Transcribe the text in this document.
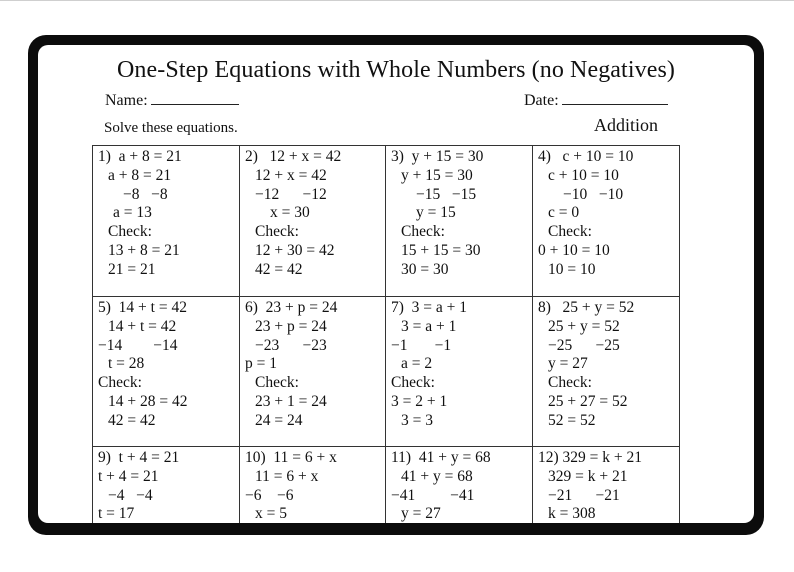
One-Step Equations with Whole Numbers (no Negatives)
Name:	Date:
Solve these equations.	Addition
1)  a + 8 = 21
a + 8 = 21
−8   −8
a = 13
Check:
13 + 8 = 21
21 = 21
2)   12 + x = 42
12 + x = 42
−12      −12
x = 30
Check:
12 + 30 = 42
42 = 42
3)  y + 15 = 30
y + 15 = 30
−15   −15
y = 15
Check:
15 + 15 = 30
30 = 30
4)   c + 10 = 10
c + 10 = 10
−10   −10
c = 0
Check:
0 + 10 = 10
10 = 10
5)  14 + t = 42
14 + t = 42
−14        −14
t = 28
Check:
14 + 28 = 42
42 = 42
6)  23 + p = 24
23 + p = 24
−23      −23
p = 1
Check:
23 + 1 = 24
24 = 24
7)  3 = a + 1
3 = a + 1
−1       −1
a = 2
Check:
3 = 2 + 1
3 = 3
8)   25 + y = 52
25 + y = 52
−25      −25
y = 27
Check:
25 + 27 = 52
52 = 52
9)  t + 4 = 21
t + 4 = 21
−4   −4
t = 17
10)  11 = 6 + x
11 = 6 + x
−6    −6
x = 5
11)  41 + y = 68
41 + y = 68
−41         −41
y = 27
12) 329 = k + 21
329 = k + 21
−21      −21
k = 308
